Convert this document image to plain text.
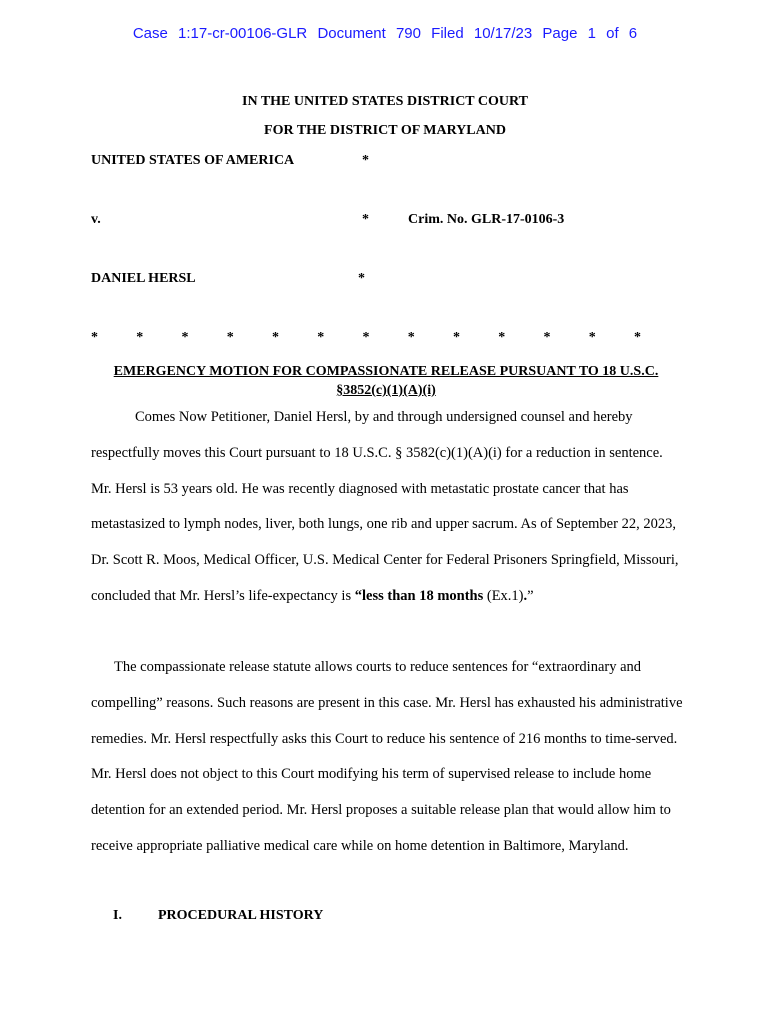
Case 1:17-cr-00106-GLR Document 790 Filed 10/17/23 Page 1 of 6
IN THE UNITED STATES DISTRICT COURT
FOR THE DISTRICT OF MARYLAND
UNITED STATES OF AMERICA	*
v.	*	Crim. No. GLR-17-0106-3
DANIEL HERSL	*
*	*	*	*	*	*	*	*	*	*	*	*	*
EMERGENCY MOTION FOR COMPASSIONATE RELEASE PURSUANT TO 18 U.S.C.
§3852(c)(1)(A)(i)
Comes Now Petitioner, Daniel Hersl, by and through undersigned counsel and hereby respectfully moves this Court pursuant to 18 U.S.C. § 3582(c)(1)(A)(i) for a reduction in sentence. Mr. Hersl is 53 years old. He was recently diagnosed with metastatic prostate cancer that has metastasized to lymph nodes, liver, both lungs, one rib and upper sacrum. As of September 22, 2023, Dr. Scott R. Moos, Medical Officer, U.S. Medical Center for Federal Prisoners Springfield, Missouri, concluded that Mr. Hersl’s life-expectancy is “less than 18 months (Ex.1).”
The compassionate release statute allows courts to reduce sentences for “extraordinary and compelling” reasons. Such reasons are present in this case. Mr. Hersl has exhausted his administrative remedies. Mr. Hersl respectfully asks this Court to reduce his sentence of 216 months to time-served. Mr. Hersl does not object to this Court modifying his term of supervised release to include home detention for an extended period. Mr. Hersl proposes a suitable release plan that would allow him to receive appropriate palliative medical care while on home detention in Baltimore, Maryland.
I.	PROCEDURAL HISTORY
